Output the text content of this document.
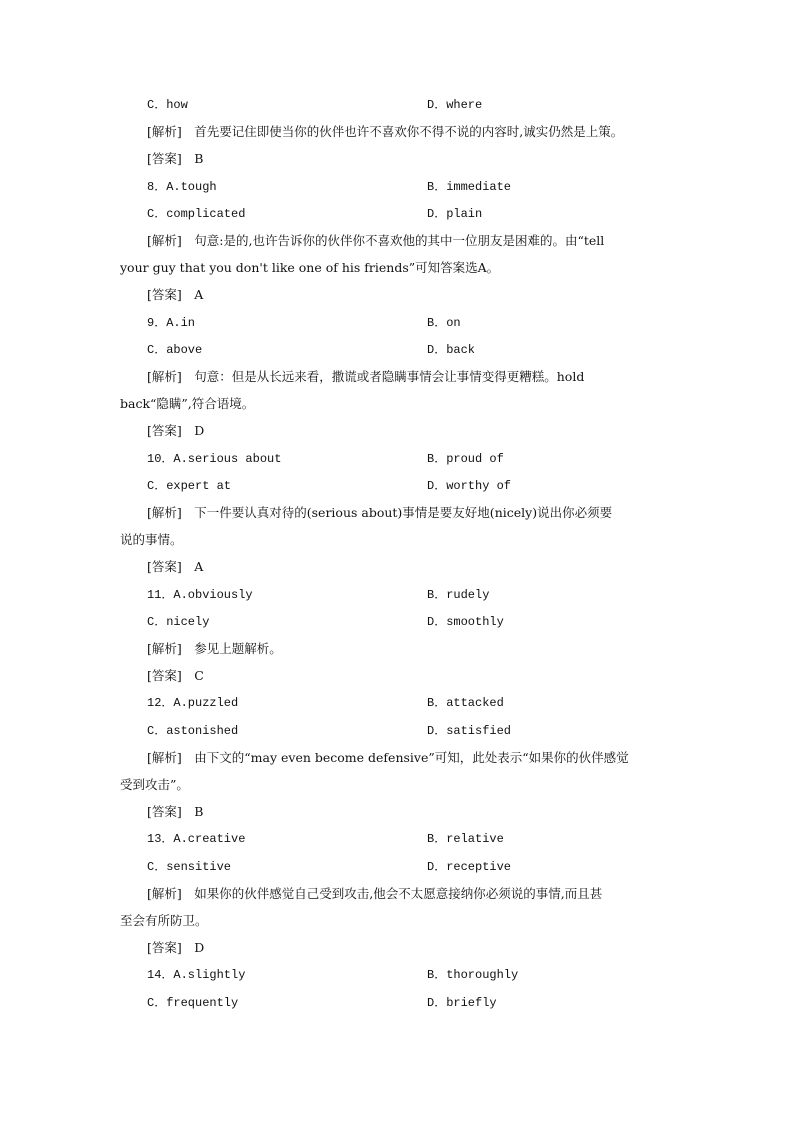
C．how	D．where
[解析]　首先要记住即使当你的伙伴也许不喜欢你不得不说的内容时,诚实仍然是上策。
[答案]　B
8．A.tough	B．immediate
C．complicated	D．plain
[解析]　句意:是的,也许告诉你的伙伴你不喜欢他的其中一位朋友是困难的。由“tell
your guy that you don't like one of his friends”可知答案选A。
[答案]　A
9．A.in	B．on
C．above	D．back
[解析]　句意：但是从长远来看，撒谎或者隐瞒事情会让事情变得更糟糕。hold
back“隐瞒”,符合语境。
[答案]　D
10．A.serious about	B．proud of
C．expert at	D．worthy of
[解析]　下一件要认真对待的(serious about)事情是要友好地(nicely)说出你必须要
说的事情。
[答案]　A
11．A.obviously	B．rudely
C．nicely	D．smoothly
[解析]　参见上题解析。
[答案]　C
12．A.puzzled	B．attacked
C．astonished	D．satisfied
[解析]　由下文的“may even become defensive”可知，此处表示“如果你的伙伴感觉
受到攻击”。
[答案]　B
13．A.creative	B．relative
C．sensitive	D．receptive
[解析]　如果你的伙伴感觉自己受到攻击,他会不太愿意接纳你必须说的事情,而且甚
至会有所防卫。
[答案]　D
14．A.slightly	B．thoroughly
C．frequently	D．briefly
